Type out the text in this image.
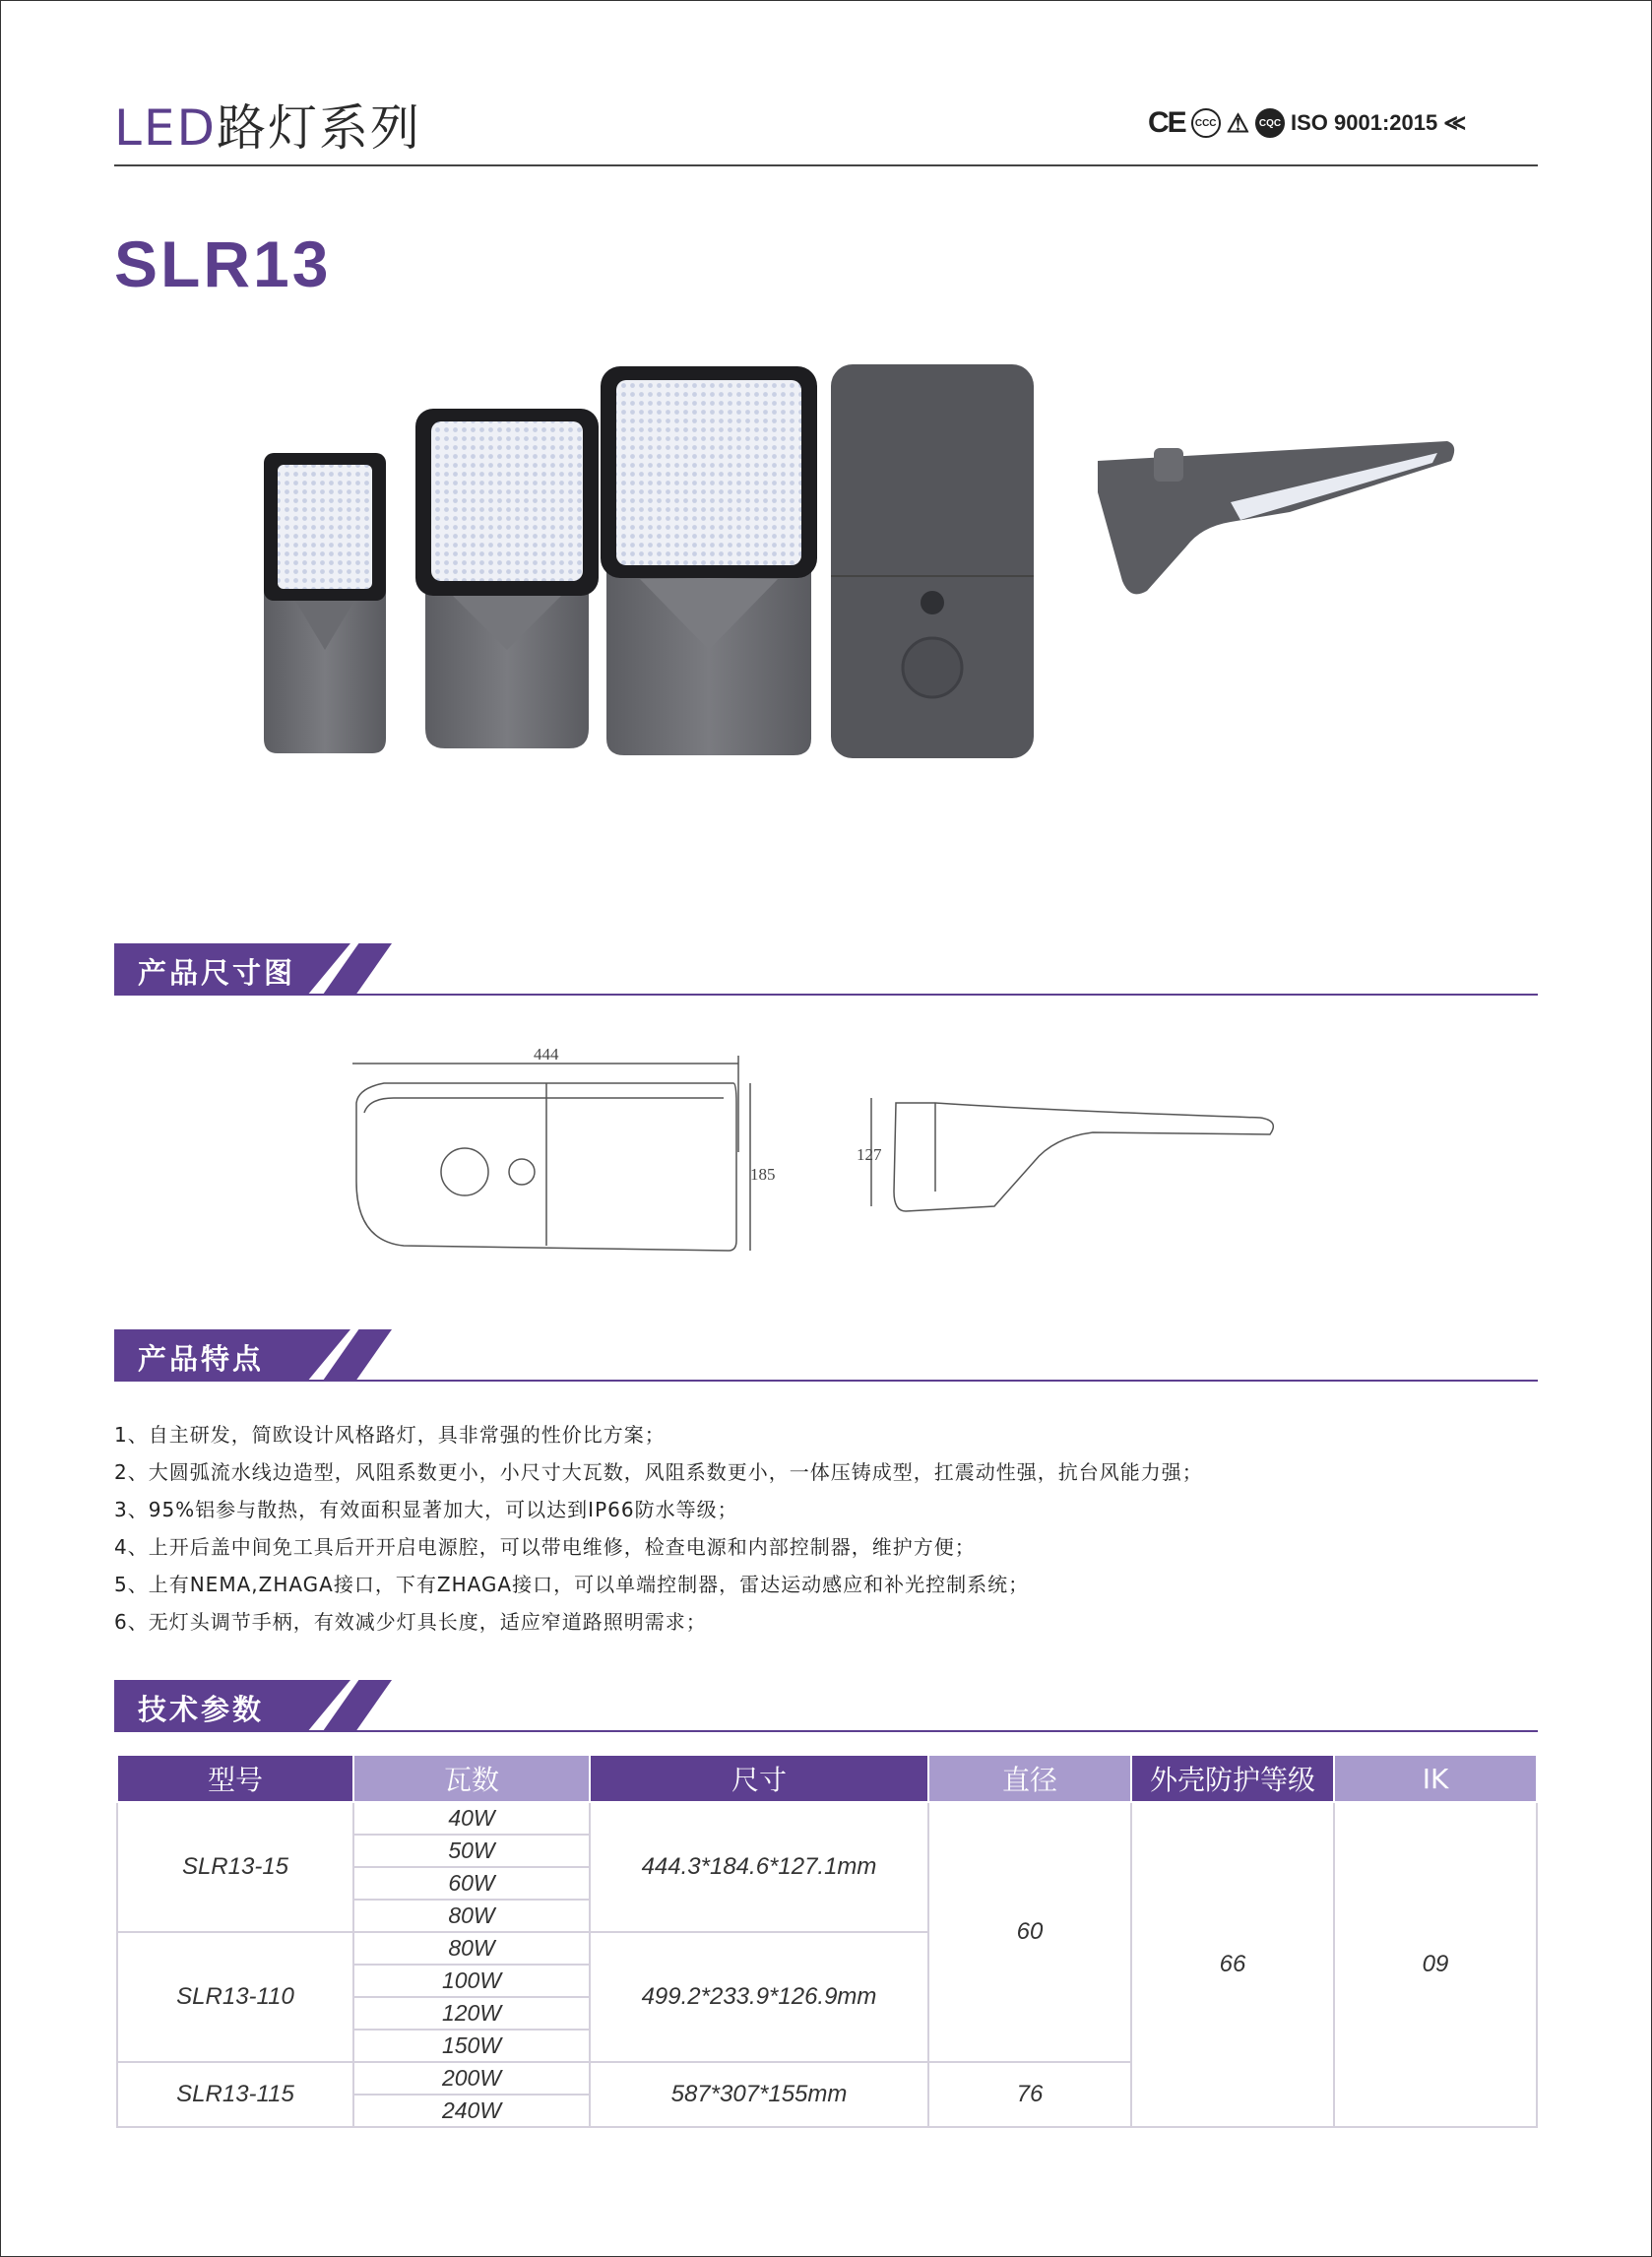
LED路灯系列	CE	CCC ⚠ CQC ISO 9001:2015 ≪
SLR13
产品尺寸图
444
185
127
产品特点
1、自主研发，简欧设计风格路灯，具非常强的性价比方案；
2、大圆弧流水线边造型，风阻系数更小，小尺寸大瓦数，风阻系数更小，一体压铸成型，扛震动性强，抗台风能力强；
3、95%铝参与散热，有效面积显著加大，可以达到IP66防水等级；
4、上开后盖中间免工具后开开启电源腔，可以带电维修，检查电源和内部控制器，维护方便；
5、上有NEMA,ZHAGA接口，下有ZHAGA接口，可以单端控制器，雷达运动感应和补光控制系统；
6、无灯头调节手柄，有效减少灯具长度，适应窄道路照明需求；
技术参数
型号	瓦数	尺寸	直径	外壳防护等级	IK
SLR13-15	40W	444.3*184.6*127.1mm	60	66	09
	50W				
	60W				
	80W				
SLR13-110	80W	499.2*233.9*126.9mm			
	100W				
	120W				
	150W				
SLR13-115	200W	587*307*155mm	76		
	240W				
